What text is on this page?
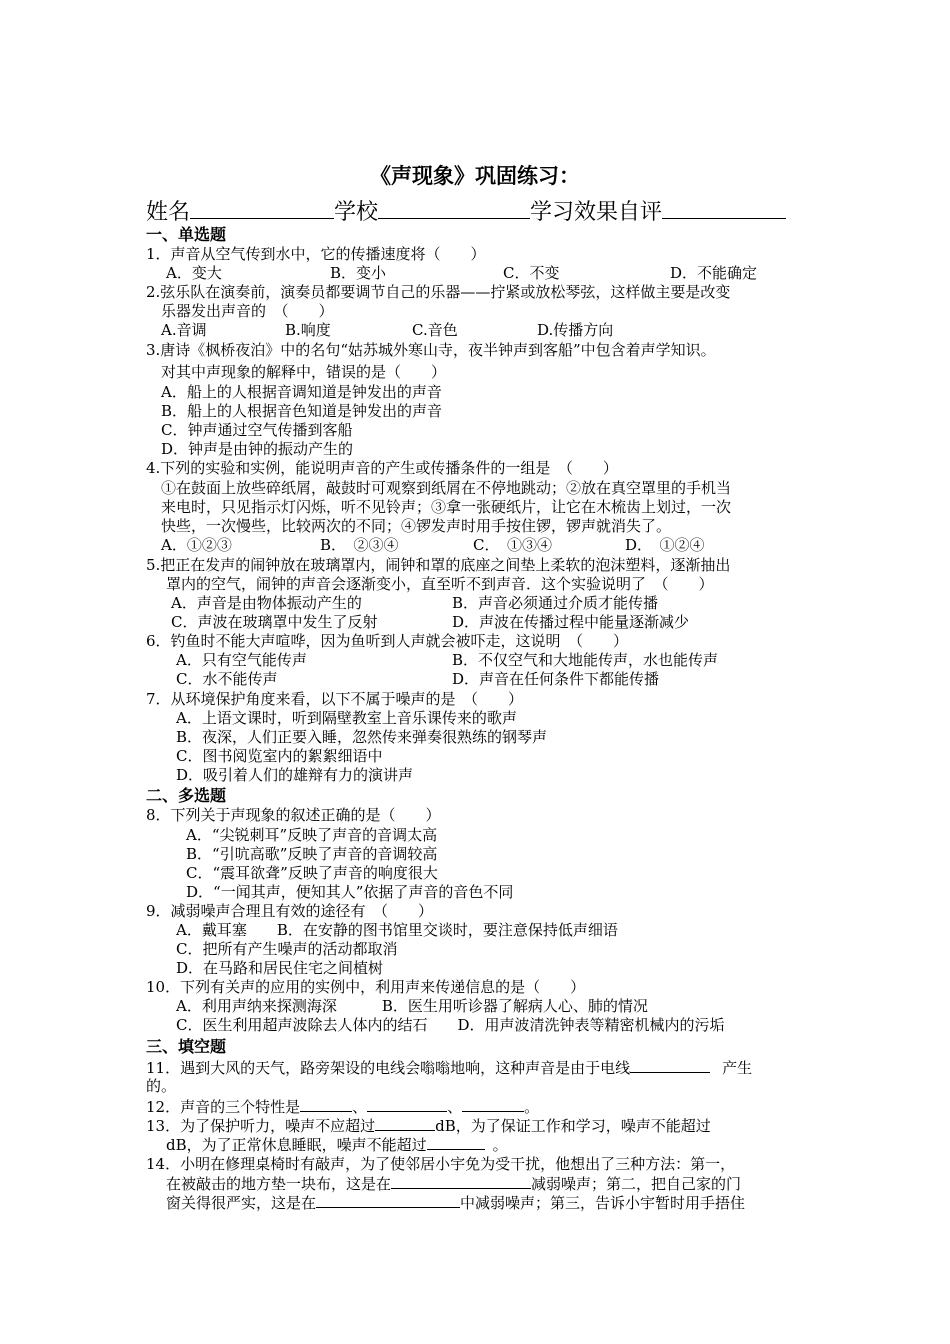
《声现象》巩固练习：
姓名	学校	学习效果自评
一、单选题
1．声音从空气传到水中，它的传播速度将（　　）
A．变大	B．变小	C．不变	D．不能确定
2.弦乐队在演奏前，演奏员都要调节自己的乐器——拧紧或放松琴弦，这样做主要是改变
乐器发出声音的　（　　）
A.音调	B.响度	C.音色	D.传播方向
3.唐诗《枫桥夜泊》中的名句“姑苏城外寒山寺，夜半钟声到客船”中包含着声学知识。
对其中声现象的解释中，错误的是（　　）
A．船上的人根据音调知道是钟发出的声音
B．船上的人根据音色知道是钟发出的声音
C．钟声通过空气传播到客船
D．钟声是由钟的振动产生的
4.下列的实验和实例，能说明声音的产生或传播条件的一组是　（　　）
①在鼓面上放些碎纸屑，敲鼓时可观察到纸屑在不停地跳动；②放在真空罩里的手机当
来电时，只见指示灯闪烁，听不见铃声；③拿一张硬纸片，让它在木梳齿上划过，一次
快些，一次慢些，比较两次的不同；④锣发声时用手按住锣，锣声就消失了。
A．①②③	B．　②③④	C．　①③④	D．　①②④
5.把正在发声的闹钟放在玻璃罩内，闹钟和罩的底座之间垫上柔软的泡沫塑料，逐渐抽出
罩内的空气，闹钟的声音会逐渐变小，直至听不到声音．这个实验说明了　（　　）
A．声音是由物体振动产生的	B．声音必须通过介质才能传播
C．声波在玻璃罩中发生了反射	D．声波在传播过程中能量逐渐减少
6．钓鱼时不能大声喧哗，因为鱼听到人声就会被吓走，这说明　（　　）
A．只有空气能传声	B．不仅空气和大地能传声，水也能传声
C．水不能传声	D．声音在任何条件下都能传播
7．从环境保护角度来看，以下不属于噪声的是　（　　）
A．上语文课时，听到隔壁教室上音乐课传来的歌声
B．夜深，人们正要入睡，忽然传来弹奏很熟练的钢琴声
C．图书阅览室内的絮絮细语中
D．吸引着人们的雄辩有力的演讲声
二、多选题
8．下列关于声现象的叙述正确的是（　　）
A．“尖锐刺耳”反映了声音的音调太高
B．“引吭高歌”反映了声音的音调较高
C．“震耳欲聋”反映了声音的响度很大
D．“一闻其声，便知其人”依据了声音的音色不同
9．减弱噪声合理且有效的途径有　（　　）
A．戴耳塞　　B．在安静的图书馆里交谈时，要注意保持低声细语
C．把所有产生噪声的活动都取消
D．在马路和居民住宅之间植树
10．下列有关声的应用的实例中，利用声来传递信息的是（　　）
A．利用声纳来探测海深　　　B．医生用听诊器了解病人心、肺的情况
C．医生利用超声波除去人体内的结石　　D．用声波清洗钟表等精密机械内的污垢
三、填空题
11．遇到大风的天气，路旁架设的电线会嗡嗡地响，这种声音是由于电线	产生
的。
12．声音的三个特性是	、	、	。
13．为了保护听力，噪声不应超过	dB，为了保证工作和学习，噪声不能超过
dB，为了正常休息睡眠，噪声不能超过	。
14．小明在修理桌椅时有敲声，为了使邻居小宇免为受干扰，他想出了三种方法：第一，
在被敲击的地方垫一块布，这是在	减弱噪声；第二，把自己家的门
窗关得很严实，这是在	中减弱噪声；第三，告诉小宇暂时用手捂住
